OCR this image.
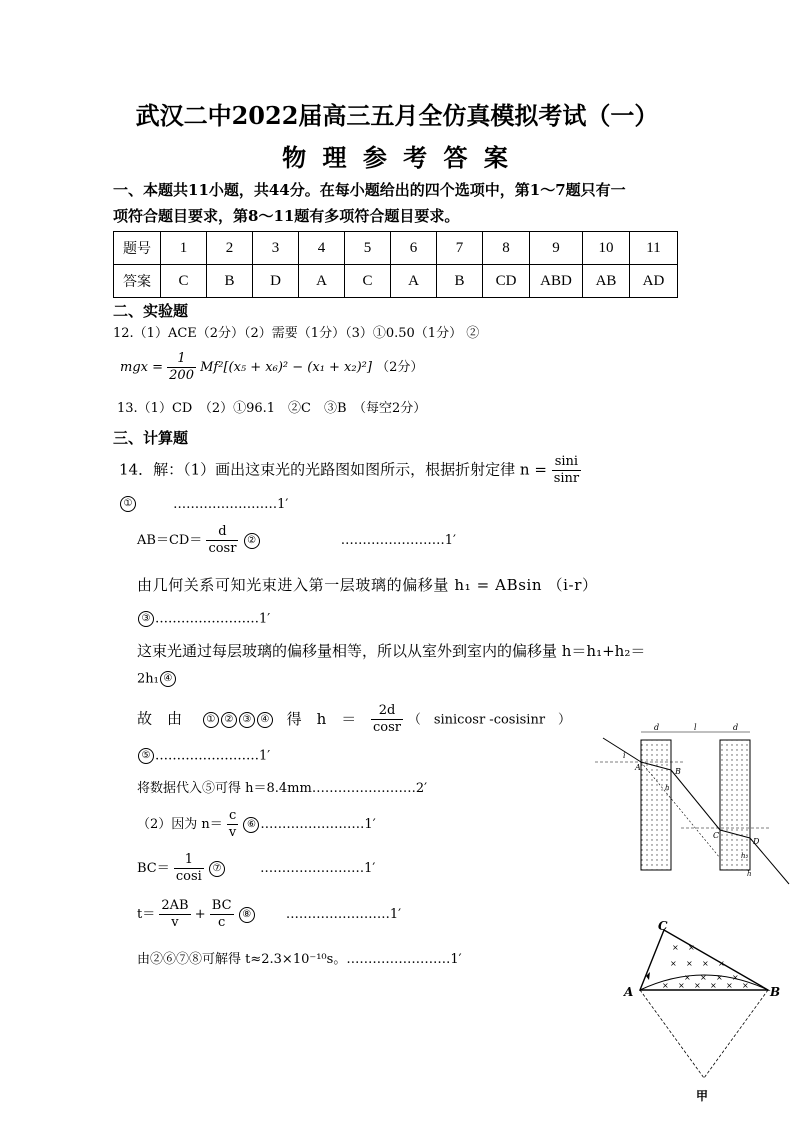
武汉二中2022届高三五月全仿真模拟考试（一）
物 理 参 考 答 案
一、本题共11小题，共44分。在每小题给出的四个选项中，第1～7题只有一
项符合题目要求，第8～11题有多项符合题目要求。
题号	1	2	3	4	5	6	7	8	9	10	11
答案	C	B	D	A	C	A	B	CD	ABD	AB	AD
二、实验题
12.（1）ACE（2分）（2）需要（1分）（3）①0.50（1分） ②
mgx = $\frac{1}{200} Mf^2[(x_5 + x_6)^2 - (x_1 + x_2)^2]$ （2分）
13.（1）CD　（2）①96.1　②C　③B　（每空2分）
三、计算题
14．解：（1）画出这束光的光路图如图所示，根据折射定律 $n = \frac{\sin i}{\sin r}$
①	……………………1′
$AB=CD= \frac{d}{\cos r}$ ②	……………………1′
由几何关系可知光束进入第一层玻璃的偏移量 h₁ = ABsin （i-r）
③ ……………………1′
这束光通过每层玻璃的偏移量相等，所以从室外到室内的偏移量 h＝h₁+h₂＝
2h₁ ④
故　由　 ① ② ③ ④ 得　h　＝ $\frac{2d}{\cos r}$ （　sinicosr -cosisinr　）
⑤ ……………………1′
将数据代入⑤可得 h＝8.4mm……………………2′
（2）因为 $n= \frac{c}{v}$ ⑥ ……………………1′
$BC= \frac{1}{\cos i}$ ⑦	……………………1′
$t= \frac{2AB}{v} + \frac{BC}{c}$ ⑧	……………………1′
由②⑥⑦⑧可解得 t≈2.3×10⁻¹⁰s。……………………1′
d	l	d
i
A	B
h
C
D
h₂
h
× ×
× × × ×
× × × ×
× × × × × ×
C
A	B
甲
